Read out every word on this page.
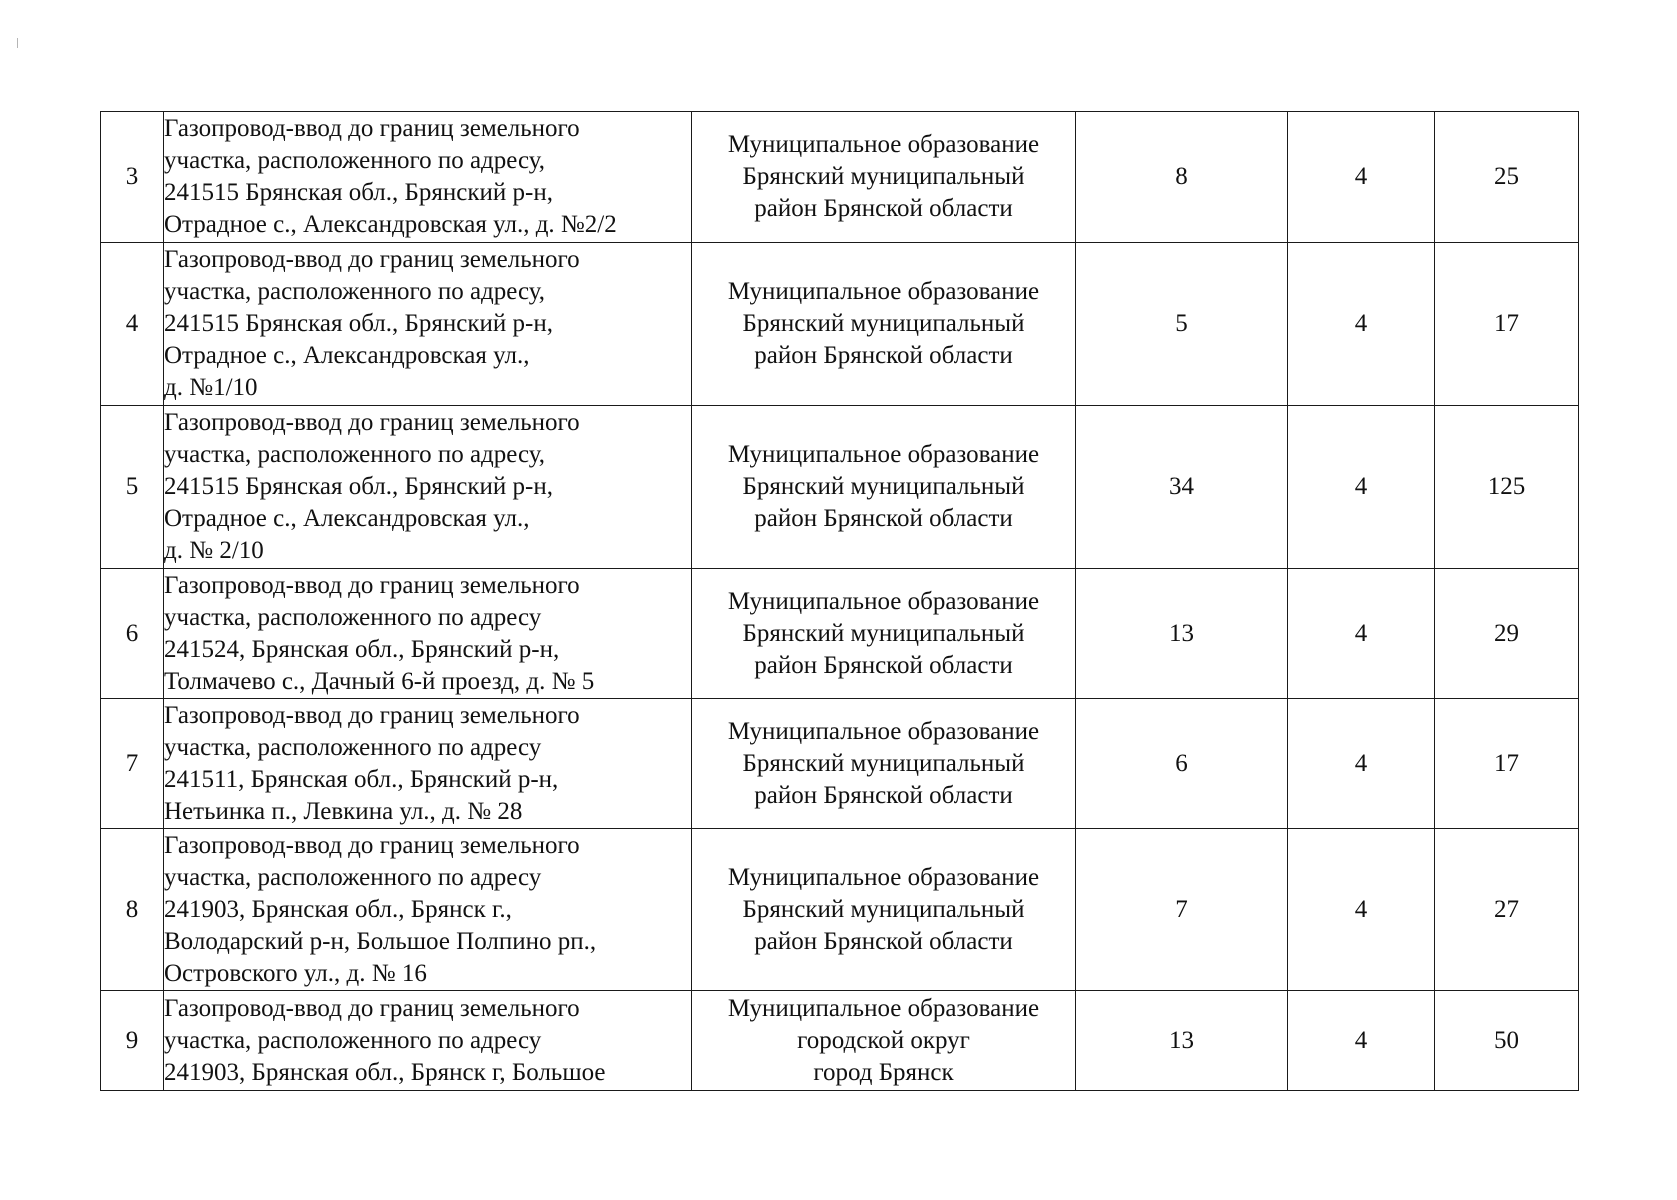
3	Газопровод-ввод до границ земельного
участка, расположенного по адресу,
241515 Брянская обл., Брянский р-н,
Отрадное с., Александровская ул., д. №2/2	Муниципальное образование
Брянский муниципальный
район Брянской области	8	4	25
4	Газопровод-ввод до границ земельного
участка, расположенного по адресу,
241515 Брянская обл., Брянский р-н,
Отрадное с., Александровская ул.,
д. №1/10	Муниципальное образование
Брянский муниципальный
район Брянской области	5	4	17
5	Газопровод-ввод до границ земельного
участка, расположенного по адресу,
241515 Брянская обл., Брянский р-н,
Отрадное с., Александровская ул.,
д. № 2/10	Муниципальное образование
Брянский муниципальный
район Брянской области	34	4	125
6	Газопровод-ввод до границ земельного
участка, расположенного по адресу
241524, Брянская обл., Брянский р-н,
Толмачево с., Дачный 6-й проезд, д. № 5	Муниципальное образование
Брянский муниципальный
район Брянской области	13	4	29
7	Газопровод-ввод до границ земельного
участка, расположенного по адресу
241511, Брянская обл., Брянский р-н,
Нетьинка п., Левкина ул., д. № 28	Муниципальное образование
Брянский муниципальный
район Брянской области	6	4	17
8	Газопровод-ввод до границ земельного
участка, расположенного по адресу
241903, Брянская обл., Брянск г.,
Володарский р-н, Большое Полпино рп.,
Островского ул., д. № 16	Муниципальное образование
Брянский муниципальный
район Брянской области	7	4	27
9	Газопровод-ввод до границ земельного
участка, расположенного по адресу
241903, Брянская обл., Брянск г, Большое	Муниципальное образование
городской округ
город Брянск	13	4	50
